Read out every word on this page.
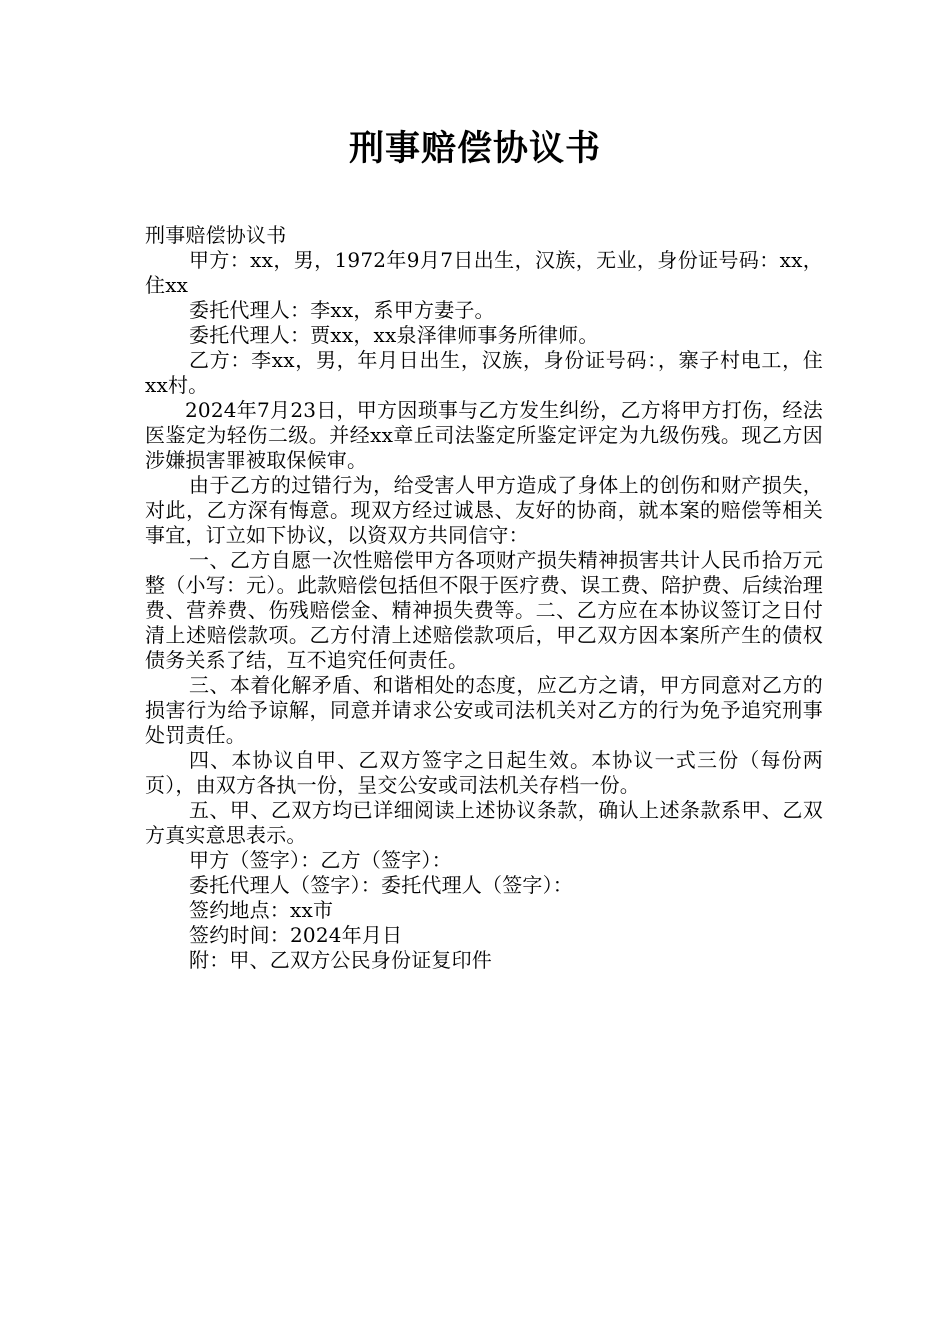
刑事赔偿协议书

刑事赔偿协议书

甲方：xx，男，1972年9月7日出生，汉族，无业，身份证号码：xx，住xx

委托代理人：李xx，系甲方妻子。

委托代理人：贾xx，xx泉泽律师事务所律师。

乙方：李xx，男，年月日出生，汉族，身份证号码：，寨子村电工，住xx村。

2024年7月23日，甲方因琐事与乙方发生纠纷，乙方将甲方打伤，经法医鉴定为轻伤二级。并经xx章丘司法鉴定所鉴定评定为九级伤残。现乙方因涉嫌损害罪被取保候审。

由于乙方的过错行为，给受害人甲方造成了身体上的创伤和财产损失，对此，乙方深有悔意。现双方经过诚恳、友好的协商，就本案的赔偿等相关事宜，订立如下协议，以资双方共同信守：

一、乙方自愿一次性赔偿甲方各项财产损失精神损害共计人民币拾万元整（小写：元）。此款赔偿包括但不限于医疗费、误工费、陪护费、后续治理费、营养费、伤残赔偿金、精神损失费等。二、乙方应在本协议签订之日付清上述赔偿款项。乙方付清上述赔偿款项后，甲乙双方因本案所产生的债权债务关系了结，互不追究任何责任。

三、本着化解矛盾、和谐相处的态度，应乙方之请，甲方同意对乙方的损害行为给予谅解，同意并请求公安或司法机关对乙方的行为免予追究刑事处罚责任。

四、本协议自甲、乙双方签字之日起生效。本协议一式三份（每份两页），由双方各执一份，呈交公安或司法机关存档一份。

五、甲、乙双方均已详细阅读上述协议条款，确认上述条款系甲、乙双方真实意思表示。

甲方（签字）：乙方（签字）：

委托代理人（签字）：委托代理人（签字）：

签约地点：xx市

签约时间：2024年月日

附：甲、乙双方公民身份证复印件
